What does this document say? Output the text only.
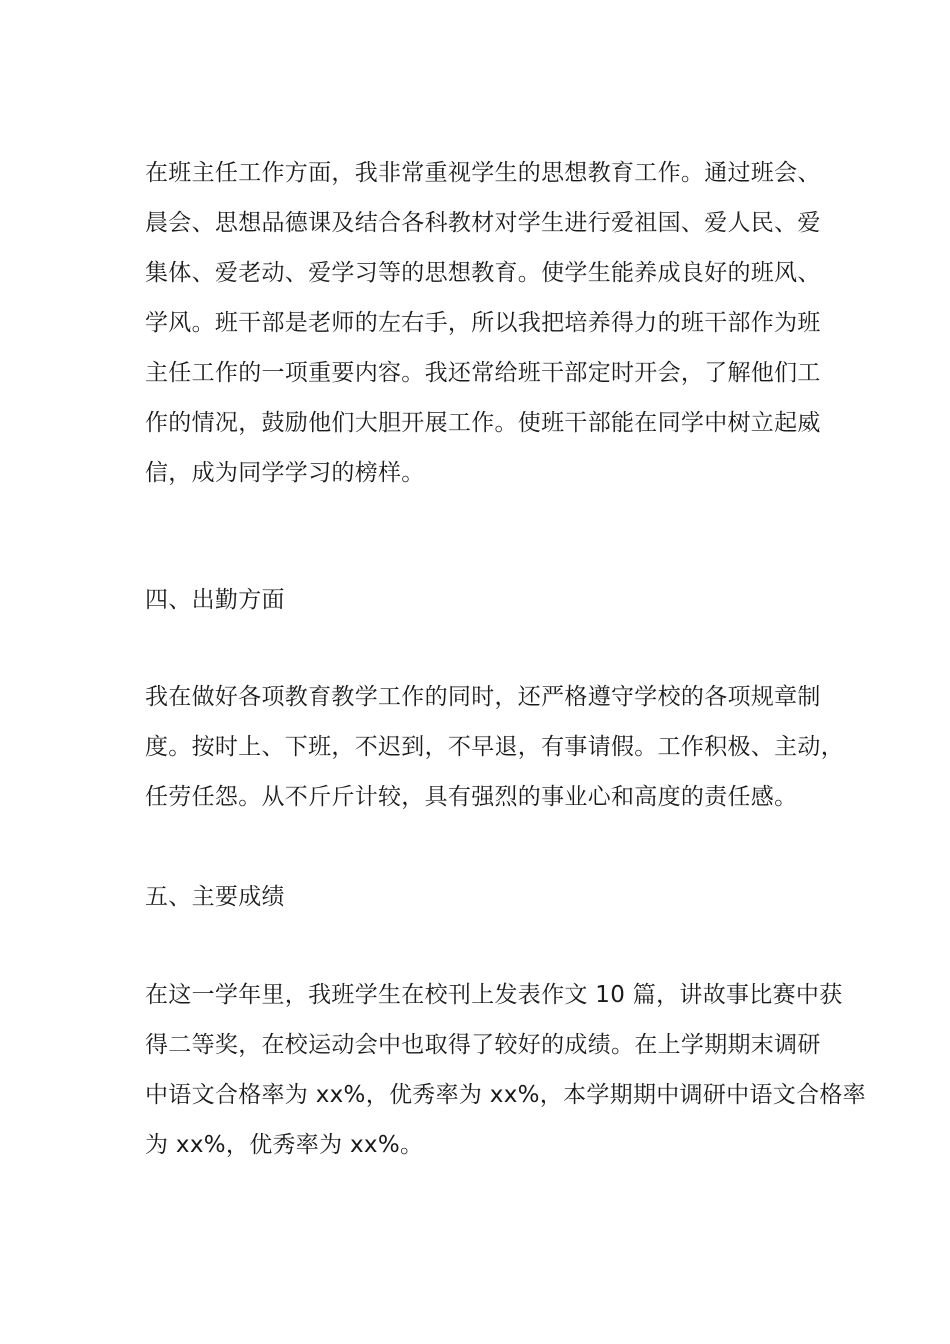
在班主任工作方面，我非常重视学生的思想教育工作。通过班会、
晨会、思想品德课及结合各科教材对学生进行爱祖国、爱人民、爱
集体、爱老动、爱学习等的思想教育。使学生能养成良好的班风、
学风。班干部是老师的左右手，所以我把培养得力的班干部作为班
主任工作的一项重要内容。我还常给班干部定时开会，了解他们工
作的情况，鼓励他们大胆开展工作。使班干部能在同学中树立起威
信，成为同学学习的榜样。
四、出勤方面
我在做好各项教育教学工作的同时，还严格遵守学校的各项规章制
度。按时上、下班，不迟到，不早退，有事请假。工作积极、主动，
任劳任怨。从不斤斤计较，具有强烈的事业心和高度的责任感。
五、主要成绩
在这一学年里，我班学生在校刊上发表作文 10 篇，讲故事比赛中获
得二等奖，在校运动会中也取得了较好的成绩。在上学期期末调研
中语文合格率为 xx%，优秀率为 xx%，本学期期中调研中语文合格率
为 xx%，优秀率为 xx%。
